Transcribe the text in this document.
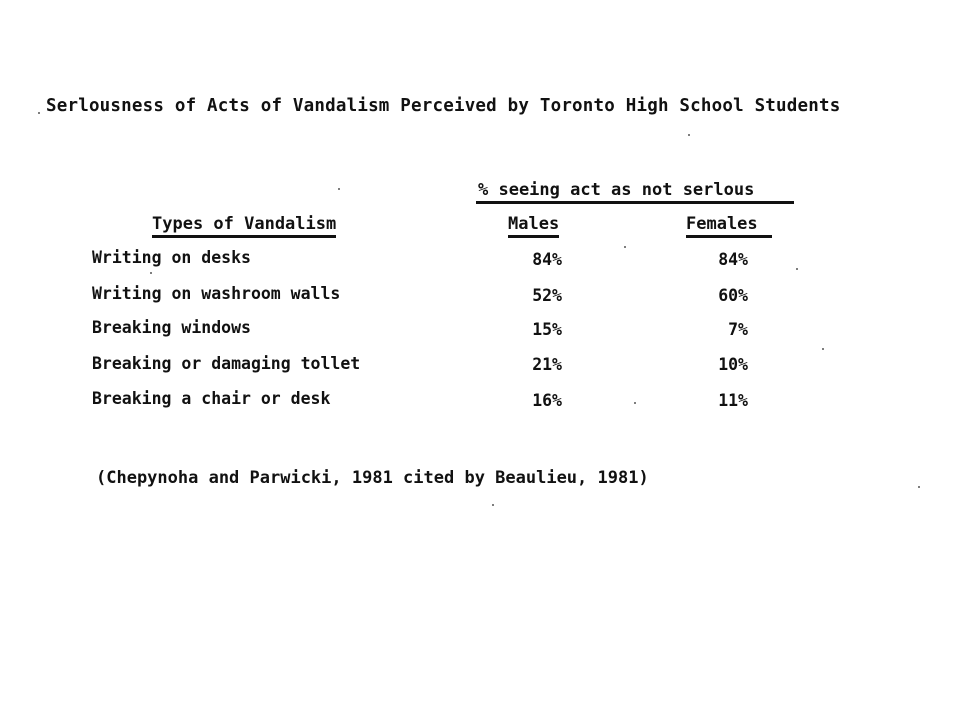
Serlousness of Acts of Vandalism Perceived by Toronto High School Students
% seeing act as not serlous
Types of Vandalism	Males	Females
Writing on desks	84%	84%
Writing on washroom walls	52%	60%
Breaking windows	15%	7%
Breaking or damaging tollet	21%	10%
Breaking a chair or desk	16%	11%
(Chepynoha and Parwicki, 1981 cited by Beaulieu, 1981)
